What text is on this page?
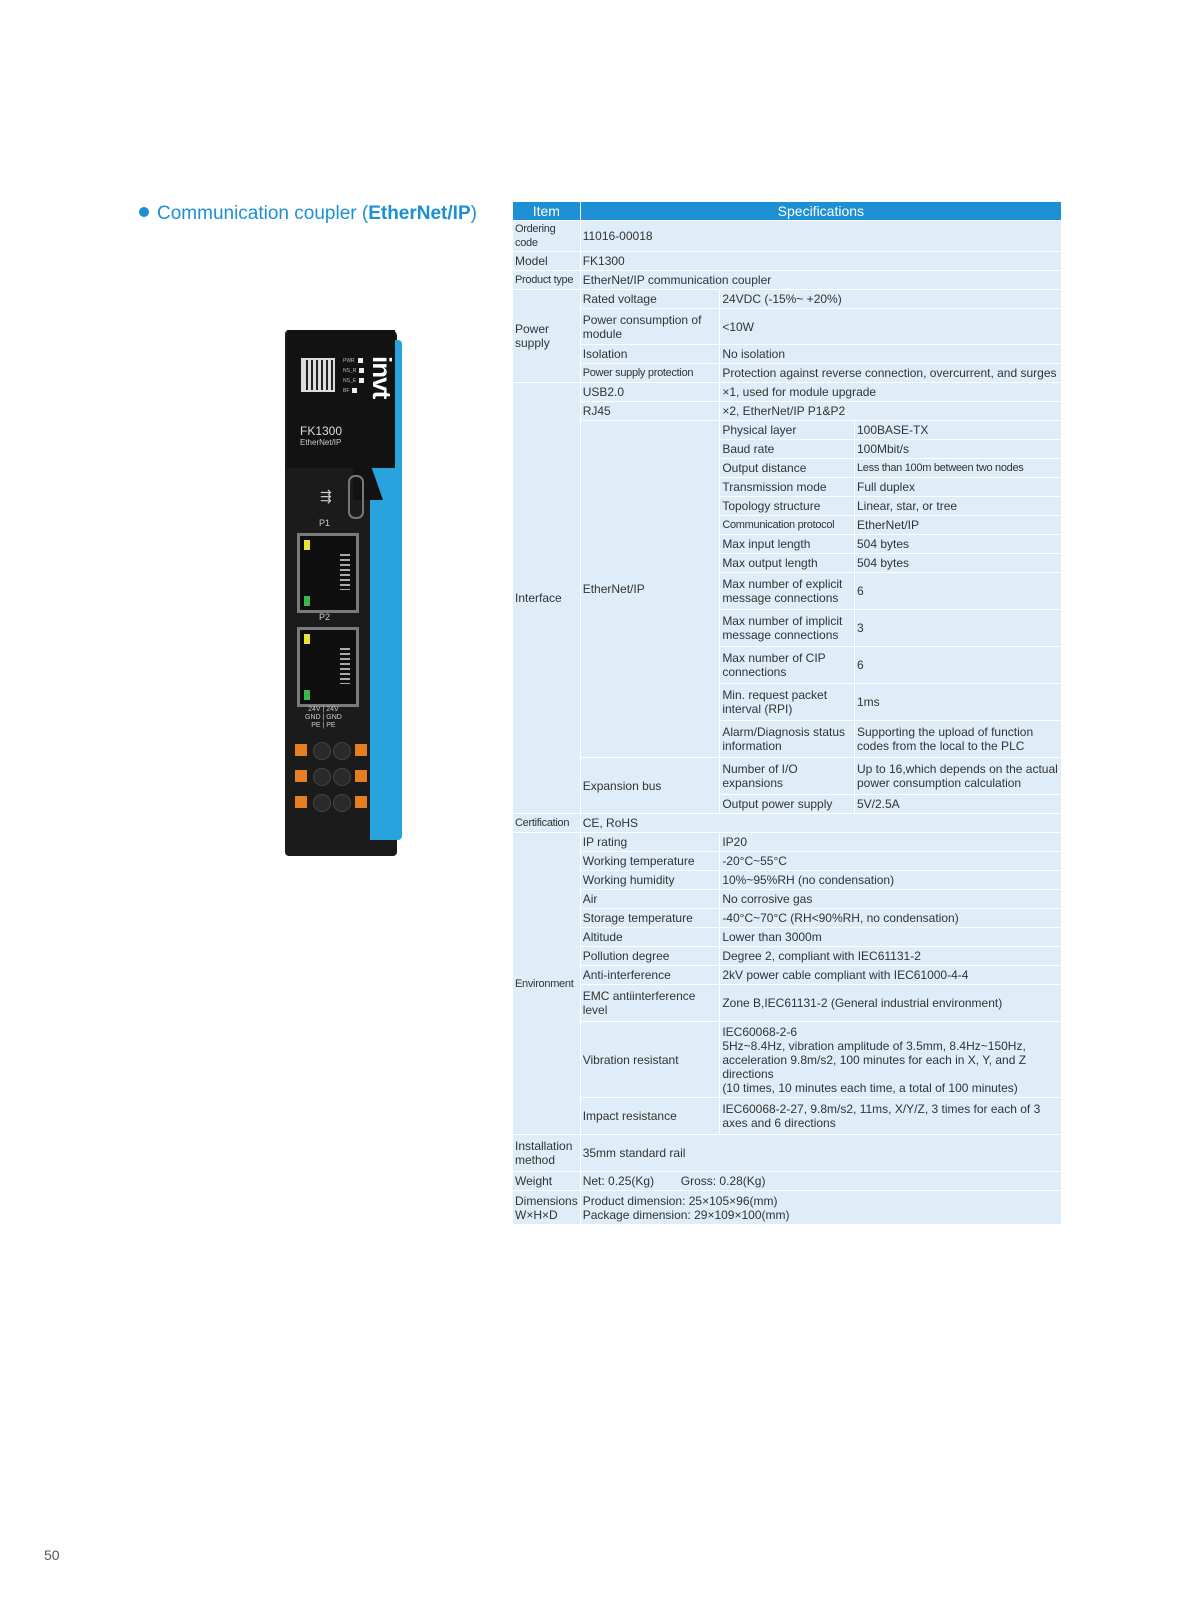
Communication coupler (EtherNet/IP)
invt
PWR
NS_R
NS_E
BF
FK1300
EtherNet/IP
⇶
P1
P2
24V | 24V
GND | GND
PE | PE
Item	Specifications		
Ordering code	11016-00018		
Model	FK1300		
Product type	EtherNet/IP communication coupler		
Power supply	Rated voltage	24VDC (-15%~ +20%)	
	Power consumption of module	<10W	
	Isolation	No isolation	
	Power supply protection	Protection against reverse connection, overcurrent, and surges	
Interface	USB2.0	×1, used for module upgrade	
	RJ45	×2, EtherNet/IP P1&P2	
	EtherNet/IP	Physical layer	100BASE-TX
		Baud rate	100Mbit/s
		Output distance	Less than 100m between two nodes
		Transmission mode	Full duplex
		Topology structure	Linear, star, or tree
		Communication protocol	EtherNet/IP
		Max input length	504 bytes
		Max output length	504 bytes
		Max number of explicit message connections	6
		Max number of implicit message connections	3
		Max number of CIP connections	6
		Min. request packet interval (RPI)	1ms
		Alarm/Diagnosis status information	Supporting the upload of function codes from the local to the PLC
	Expansion bus	Number of I/O expansions	Up to 16,which depends on the actual power consumption calculation
		Output power supply	5V/2.5A
Certification	CE, RoHS		
Environment	IP rating	IP20	
	Working temperature	-20°C~55°C	
	Working humidity	10%~95%RH (no condensation)	
	Air	No corrosive gas	
	Storage temperature	-40°C~70°C (RH<90%RH, no condensation)	
	Altitude	Lower than 3000m	
	Pollution degree	Degree 2, compliant with IEC61131-2	
	Anti-interference	2kV power cable compliant with IEC61000-4-4	
	EMC antiinterference level	Zone B,IEC61131-2 (General industrial environment)	
	Vibration resistant	IEC60068-2-6
5Hz~8.4Hz, vibration amplitude of 3.5mm, 8.4Hz~150Hz, acceleration 9.8m/s2, 100 minutes for each in X, Y, and Z directions
(10 times, 10 minutes each time, a total of 100 minutes)	
	Impact resistance	IEC60068-2-27, 9.8m/s2, 11ms, X/Y/Z, 3 times for each of 3 axes and 6 directions	
Installation method	35mm standard rail		
Weight	Net: 0.25(Kg)        Gross: 0.28(Kg)		
Dimensions W×H×D	Product dimension: 25×105×96(mm)
Package dimension: 29×109×100(mm)		
50
